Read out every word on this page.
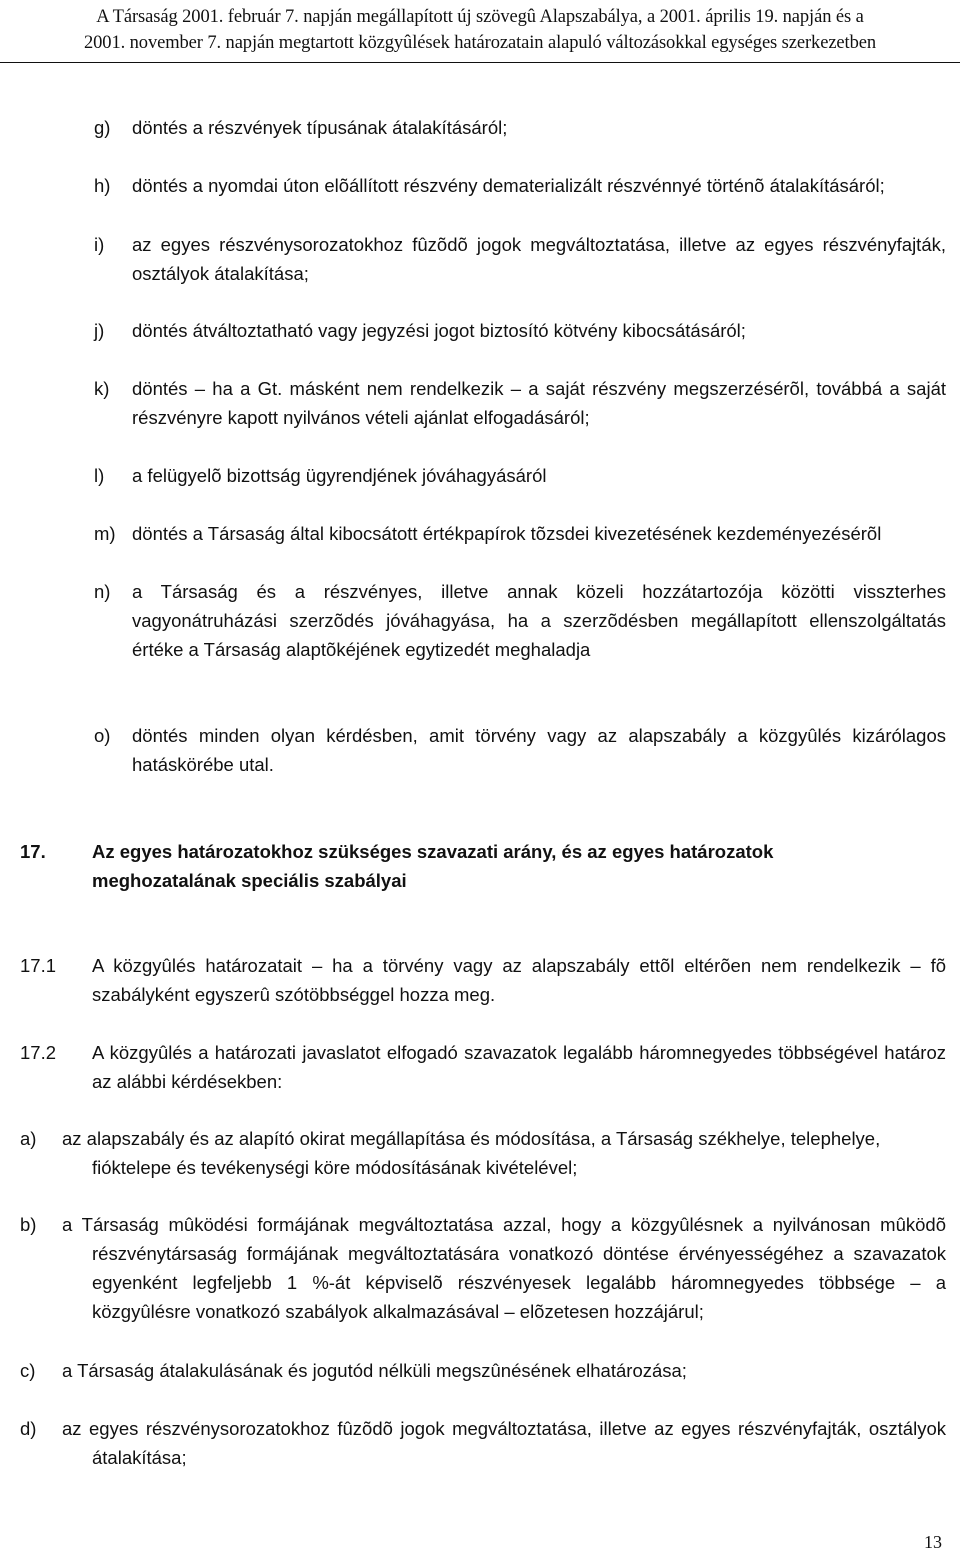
A Társaság 2001. február 7. napján megállapított új szövegû Alapszabálya, a 2001. április 19. napján és a
2001. november 7. napján megtartott közgyûlések határozatain alapuló változásokkal egységes szerkezetben
g) döntés a részvények típusának átalakításáról;
h) döntés a nyomdai úton elõállított részvény dematerializált részvénnyé történõ átalakításáról;
i) az egyes részvénysorozatokhoz fûzõdõ jogok megváltoztatása, illetve az egyes részvényfajták, osztályok átalakítása;
j) döntés átváltoztatható vagy jegyzési jogot biztosító kötvény kibocsátásáról;
k) döntés – ha a Gt. másként nem rendelkezik – a saját részvény megszerzésérõl, továbbá a saját részvényre kapott nyilvános vételi ajánlat elfogadásáról;
l) a felügyelõ bizottság ügyrendjének jóváhagyásáról
m) döntés a Társaság által kibocsátott értékpapírok tõzsdei kivezetésének kezdeményezésérõl
n) a Társaság és a részvényes, illetve annak közeli hozzátartozója közötti visszterhes vagyonátruházási szerzõdés jóváhagyása, ha a szerzõdésben megállapított ellenszolgáltatás értéke a Társaság alaptõkéjének egytizedét meghaladja
o) döntés minden olyan kérdésben, amit törvény vagy az alapszabály a közgyûlés kizárólagos hatáskörébe utal.
17.	Az egyes határozatokhoz szükséges szavazati arány, és az egyes határozatok meghozatalának speciális szabályai
17.1 A közgyûlés határozatait – ha a törvény vagy az alapszabály ettõl eltérõen nem rendelkezik – fõ szabályként egyszerû szótöbbséggel hozza meg.
17.2 A közgyûlés a határozati javaslatot elfogadó szavazatok legalább háromnegyedes többségével határoz az alábbi kérdésekben:
a) az alapszabály és az alapító okirat megállapítása és módosítása, a Társaság székhelye, telephelye, fióktelepe és tevékenységi köre módosításának kivételével;
b) a Társaság mûködési formájának megváltoztatása azzal, hogy a közgyûlésnek a nyilvánosan mûködõ részvénytársaság formájának megváltoztatására vonatkozó döntése érvényességéhez a szavazatok egyenként legfeljebb 1 %-át képviselõ részvényesek legalább háromnegyedes többsége – a közgyûlésre vonatkozó szabályok alkalmazásával – elõzetesen hozzájárul;
c) a Társaság átalakulásának és jogutód nélküli megszûnésének elhatározása;
d) az egyes részvénysorozatokhoz fûzõdõ jogok megváltoztatása, illetve az egyes részvényfajták, osztályok átalakítása;
13
